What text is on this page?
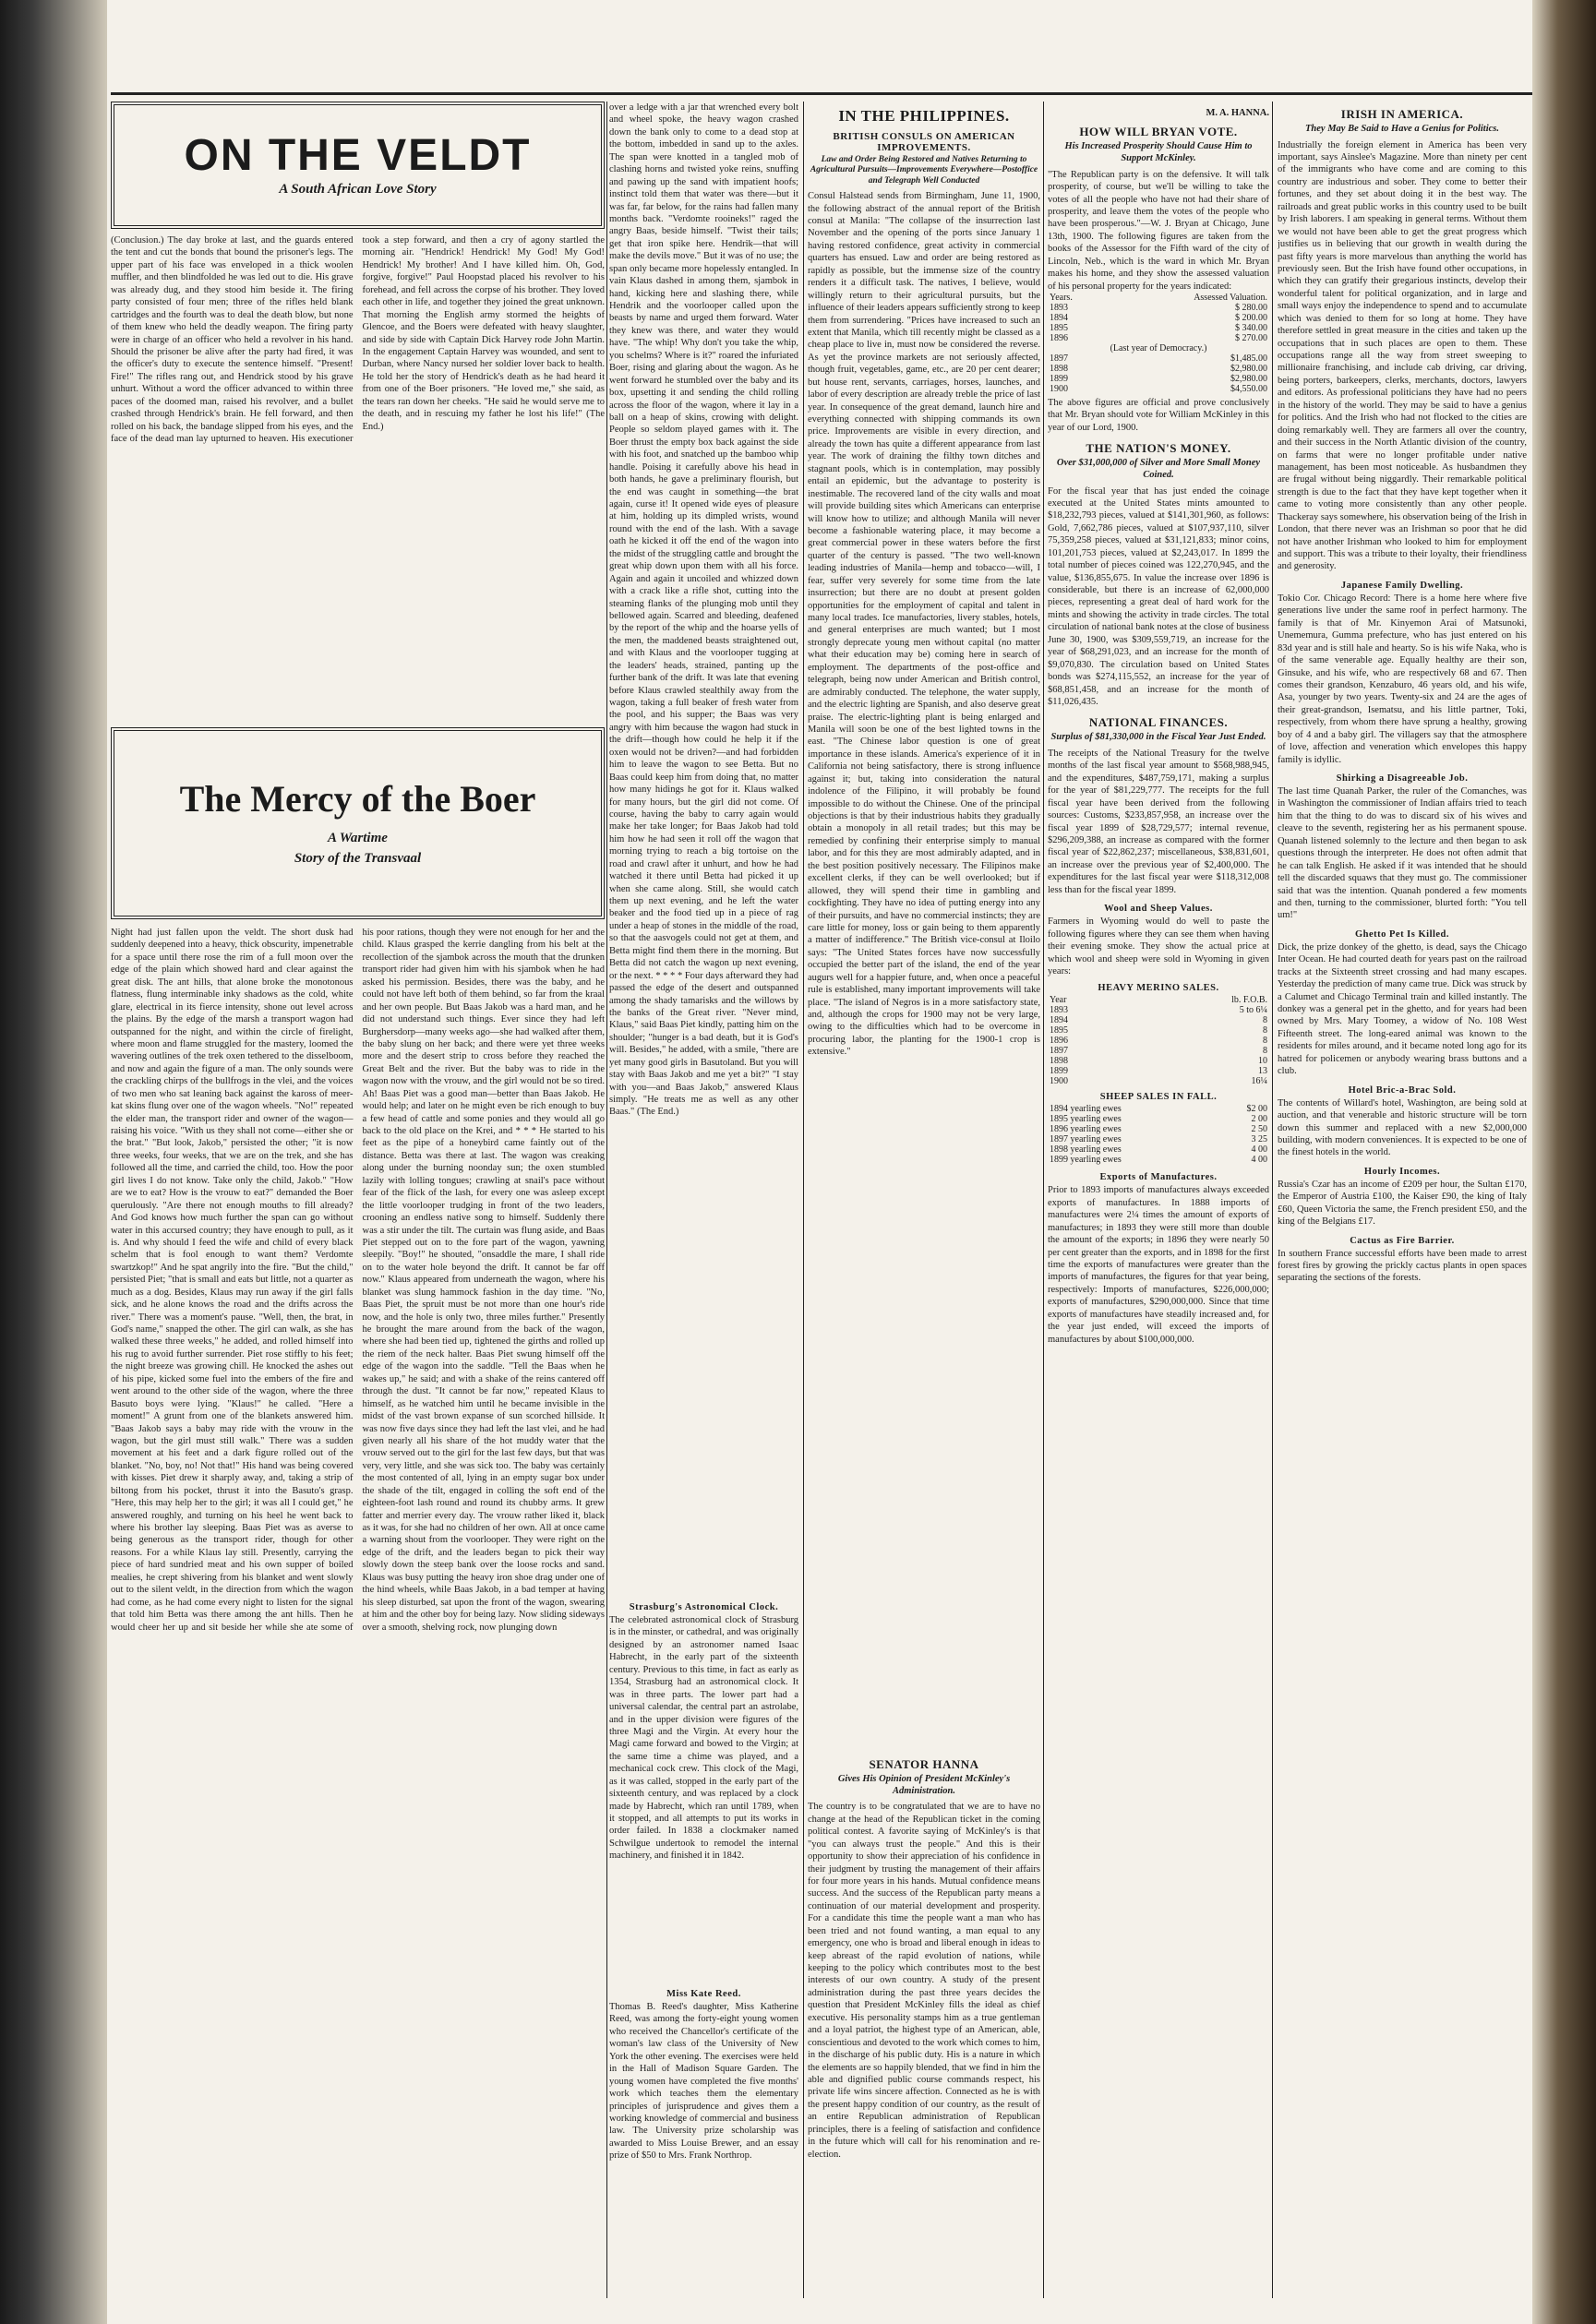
ON THE VELDT
A South African Love Story
(Conclusion.) The day broke at last, and the guards entered the tent and cut the bonds that bound the prisoner's legs. The upper part of his face was enveloped in a thick woolen muffler, and then blindfolded he was led out to die. His grave was already dug, and they stood him beside it. The firing party consisted of four men; three of the rifles held blank cartridges and the fourth was to deal the death blow, but none of them knew who held the deadly weapon. The firing party were in charge of an officer who held a revolver in his hand. Should the prisoner be alive after the party had fired, it was the officer's duty to execute the sentence himself. "Present! Fire!" The rifles rang out, and Hendrick stood by his grave unhurt. Without a word the officer advanced to within three paces of the doomed man, raised his revolver, and a bullet crashed through Hendrick's brain. He fell forward, and then rolled on his back, the bandage slipped from his eyes, and the face of the dead man lay upturned to heaven. His executioner took a step forward, and then a cry of agony startled the morning air. "Hendrick! Hendrick! My God! My God! Hendrick! My brother! And I have killed him. Oh, God, forgive, forgive!" Paul Hoopstad placed his revolver to his forehead, and fell across the corpse of his brother. They loved each other in life, and together they joined the great unknown. That morning the English army stormed the heights of Glencoe, and the Boers were defeated with heavy slaughter, and side by side with Captain Dick Harvey rode John Martin. In the engagement Captain Harvey was wounded, and sent to Durban, where Nancy nursed her soldier lover back to health. He told her the story of Hendrick's death as he had heard it from one of the Boer prisoners. "He loved me," she said, as the tears ran down her cheeks. "He said he would serve me to the death, and in rescuing my father he lost his life!" (The End.)
The Mercy of the Boer
A Wartime
Story of the Transvaal
Night had just fallen upon the veldt. The short dusk had suddenly deepened into a heavy, thick obscurity, impenetrable for a space until there rose the rim of a full moon over the edge of the plain which showed hard and clear against the great disk. The ant hills, that alone broke the monotonous flatness, flung interminable inky shadows as the cold, white glare, electrical in its fierce intensity, shone out level across the plains. By the edge of the marsh a transport wagon had outspanned for the night, and within the circle of firelight, where moon and flame struggled for the mastery, loomed the wavering outlines of the trek oxen tethered to the disselboom, and now and again the figure of a man. The only sounds were the crackling chirps of the bullfrogs in the vlei, and the voices of two men who sat leaning back against the kaross of meer-kat skins flung over one of the wagon wheels. "No!" repeated the elder man, the transport rider and owner of the wagon—raising his voice. "With us they shall not come—either she or the brat." "But look, Jakob," persisted the other; "it is now three weeks, four weeks, that we are on the trek, and she has followed all the time, and carried the child, too. How the poor girl lives I do not know. Take only the child, Jakob." "How are we to eat? How is the vrouw to eat?" demanded the Boer querulously. "Are there not enough mouths to fill already? And God knows how much further the span can go without water in this accursed country; they have enough to pull, as it is. And why should I feed the wife and child of every black schelm that is fool enough to want them? Verdomte swartzkop!" And he spat angrily into the fire. "But the child," persisted Piet; "that is small and eats but little, not a quarter as much as a dog. Besides, Klaus may run away if the girl falls sick, and he alone knows the road and the drifts across the river." There was a moment's pause. "Well, then, the brat, in God's name," snapped the other. The girl can walk, as she has walked these three weeks," he added, and rolled himself into his rug to avoid further surrender. Piet rose stiffly to his feet; the night breeze was growing chill. He knocked the ashes out of his pipe, kicked some fuel into the embers of the fire and went around to the other side of the wagon, where the three Basuto boys were lying. "Klaus!" he called. "Here a moment!" A grunt from one of the blankets answered him. "Baas Jakob says a baby may ride with the vrouw in the wagon, but the girl must still walk." There was a sudden movement at his feet and a dark figure rolled out of the blanket. "No, boy, no! Not that!" His hand was being covered with kisses. Piet drew it sharply away, and, taking a strip of biltong from his pocket, thrust it into the Basuto's grasp. "Here, this may help her to the girl; it was all I could get," he answered roughly, and turning on his heel he went back to where his brother lay sleeping. Baas Piet was as averse to being generous as the transport rider, though for other reasons. For a while Klaus lay still. Presently, carrying the piece of hard sundried meat and his own supper of boiled mealies, he crept shivering from his blanket and went slowly out to the silent veldt, in the direction from which the wagon had come, as he had come every night to listen for the signal that told him Betta was there among the ant hills. Then he would cheer her up and sit beside her while she ate some of his poor rations, though they were not enough for her and the child. Klaus grasped the kerrie dangling from his belt at the recollection of the sjambok across the mouth that the drunken transport rider had given him with his sjambok when he had asked his permission. Besides, there was the baby, and he could not have left both of them behind, so far from the kraal and her own people. But Baas Jakob was a hard man, and he did not understand such things. Ever since they had left Burghersdorp—many weeks ago—she had walked after them, the baby slung on her back; and there were yet three weeks more and the desert strip to cross before they reached the Great Belt and the river. But the baby was to ride in the wagon now with the vrouw, and the girl would not be so tired. Ah! Baas Piet was a good man—better than Baas Jakob. He would help; and later on he might even be rich enough to buy a few head of cattle and some ponies and they would all go back to the old place on the Krei, and * * * He started to his feet as the pipe of a honeybird came faintly out of the distance. Betta was there at last. The wagon was creaking along under the burning noonday sun; the oxen stumbled lazily with lolling tongues; crawling at snail's pace without fear of the flick of the lash, for every one was asleep except the little voorlooper trudging in front of the two leaders, crooning an endless native song to himself. Suddenly there was a stir under the tilt. The curtain was flung aside, and Baas Piet stepped out on to the fore part of the wagon, yawning sleepily. "Boy!" he shouted, "onsaddle the mare, I shall ride on to the water hole beyond the drift. It cannot be far off now." Klaus appeared from underneath the wagon, where his blanket was slung hammock fashion in the day time. "No, Baas Piet, the spruit must be not more than one hour's ride now, and the hole is only two, three miles further." Presently he brought the mare around from the back of the wagon, where she had been tied up, tightened the girths and rolled up the riem of the neck halter. Baas Piet swung himself off the edge of the wagon into the saddle. "Tell the Baas when he wakes up," he said; and with a shake of the reins cantered off through the dust. "It cannot be far now," repeated Klaus to himself, as he watched him until he became invisible in the midst of the vast brown expanse of sun scorched hillside. It was now five days since they had left the last vlei, and he had given nearly all his share of the hot muddy water that the vrouw served out to the girl for the last few days, but that was very, very little, and she was sick too. The baby was certainly the most contented of all, lying in an empty sugar box under the shade of the tilt, engaged in colling the soft end of the eighteen-foot lash round and round its chubby arms. It grew fatter and merrier every day. The vrouw rather liked it, black as it was, for she had no children of her own. All at once came a warning shout from the voorlooper. They were right on the edge of the drift, and the leaders began to pick their way slowly down the steep bank over the loose rocks and sand. Klaus was busy putting the heavy iron shoe drag under one of the hind wheels, while Baas Jakob, in a bad temper at having his sleep disturbed, sat upon the front of the wagon, swearing at him and the other boy for being lazy. Now sliding sideways over a smooth, shelving rock, now plunging down
over a ledge with a jar that wrenched every bolt and wheel spoke, the heavy wagon crashed down the bank only to come to a dead stop at the bottom, imbedded in sand up to the axles. The span were knotted in a tangled mob of clashing horns and twisted yoke reins, snuffing and pawing up the sand with impatient hoofs; instinct told them that water was there—but it was far, far below, for the rains had fallen many months back. "Verdomte rooineks!" raged the angry Baas, beside himself. "Twist their tails; get that iron spike here. Hendrik—that will make the devils move." But it was of no use; the span only became more hopelessly entangled. In vain Klaus dashed in among them, sjambok in hand, kicking here and slashing there, while Hendrik and the voorlooper called upon the beasts by name and urged them forward. Water they knew was there, and water they would have. "The whip! Why don't you take the whip, you schelms? Where is it?" roared the infuriated Boer, rising and glaring about the wagon. As he went forward he stumbled over the baby and its box, upsetting it and sending the child rolling across the floor of the wagon, where it lay in a ball on a heap of skins, crowing with delight. People so seldom played games with it. The Boer thrust the empty box back against the side with his foot, and snatched up the bamboo whip handle. Poising it carefully above his head in both hands, he gave a preliminary flourish, but the end was caught in something—the brat again, curse it! It opened wide eyes of pleasure at him, holding up its dimpled wrists, wound round with the end of the lash. With a savage oath he kicked it off the end of the wagon into the midst of the struggling cattle and brought the great whip down upon them with all his force. Again and again it uncoiled and whizzed down with a crack like a rifle shot, cutting into the steaming flanks of the plunging mob until they bellowed again. Scarred and bleeding, deafened by the report of the whip and the hoarse yells of the men, the maddened beasts straightened out, and with Klaus and the voorlooper tugging at the leaders' heads, strained, panting up the further bank of the drift. It was late that evening before Klaus crawled stealthily away from the wagon, taking a full beaker of fresh water from the pool, and his supper; the Baas was very angry with him because the wagon had stuck in the drift—though how could he help it if the oxen would not be driven?—and had forbidden him to leave the wagon to see Betta. But no Baas could keep him from doing that, no matter how many hidings he got for it. Klaus walked for many hours, but the girl did not come. Of course, having the baby to carry again would make her take longer; for Baas Jakob had told him how he had seen it roll off the wagon that morning trying to reach a big tortoise on the road and crawl after it unhurt, and how he had watched it there until Betta had picked it up when she came along. Still, she would catch them up next evening, and he left the water beaker and the food tied up in a piece of rag under a heap of stones in the middle of the road, so that the aasvogels could not get at them, and Betta might find them there in the morning. But Betta did not catch the wagon up next evening, or the next. * * * * Four days afterward they had passed the edge of the desert and outspanned among the shady tamarisks and the willows by the banks of the Great river. "Never mind, Klaus," said Baas Piet kindly, patting him on the shoulder; "hunger is a bad death, but it is God's will. Besides," he added, with a smile, "there are yet many good girls in Basutoland. But you will stay with Baas Jakob and me yet a bit?" "I stay with you—and Baas Jakob," answered Klaus simply. "He treats me as well as any other Baas." (The End.)
Strasburg's Astronomical Clock.
The celebrated astronomical clock of Strasburg is in the minster, or cathedral, and was originally designed by an astronomer named Isaac Habrecht, in the early part of the sixteenth century. Previous to this time, in fact as early as 1354, Strasburg had an astronomical clock. It was in three parts. The lower part had a universal calendar, the central part an astrolabe, and in the upper division were figures of the three Magi and the Virgin. At every hour the Magi came forward and bowed to the Virgin; at the same time a chime was played, and a mechanical cock crew. This clock of the Magi, as it was called, stopped in the early part of the sixteenth century, and was replaced by a clock made by Habrecht, which ran until 1789, when it stopped, and all attempts to put its works in order failed. In 1838 a clockmaker named Schwilgue undertook to remodel the internal machinery, and finished it in 1842.
Miss Kate Reed.
Thomas B. Reed's daughter, Miss Katherine Reed, was among the forty-eight young women who received the Chancellor's certificate of the woman's law class of the University of New York the other evening. The exercises were held in the Hall of Madison Square Garden. The young women have completed the five months' work which teaches them the elementary principles of jurisprudence and gives them a working knowledge of commercial and business law. The University prize scholarship was awarded to Miss Louise Brewer, and an essay prize of $50 to Mrs. Frank Northrop.
IN THE PHILIPPINES.
BRITISH CONSULS ON AMERICAN IMPROVEMENTS.
Law and Order Being Restored and Natives Returning to Agricultural Pursuits—Improvements Everywhere—Postoffice and Telegraph Well Conducted
Consul Halstead sends from Birmingham, June 11, 1900, the following abstract of the annual report of the British consul at Manila: "The collapse of the insurrection last November and the opening of the ports since January 1 having restored confidence, great activity in commercial quarters has ensued. Law and order are being restored as rapidly as possible, but the immense size of the country renders it a difficult task. The natives, I believe, would willingly return to their agricultural pursuits, but the influence of their leaders appears sufficiently strong to keep them from surrendering. "Prices have increased to such an extent that Manila, which till recently might be classed as a cheap place to live in, must now be considered the reverse. As yet the province markets are not seriously affected, though fruit, vegetables, game, etc., are 20 per cent dearer; but house rent, servants, carriages, horses, launches, and labor of every description are already treble the price of last year. In consequence of the great demand, launch hire and everything connected with shipping commands its own price. Improvements are visible in every direction, and already the town has quite a different appearance from last year. The work of draining the filthy town ditches and stagnant pools, which is in contemplation, may possibly entail an epidemic, but the advantage to posterity is inestimable. The recovered land of the city walls and moat will provide building sites which Americans can enterprise will know how to utilize; and although Manila will never become a fashionable watering place, it may become a great commercial power in these waters before the first quarter of the century is passed. "The two well-known leading industries of Manila—hemp and tobacco—will, I fear, suffer very severely for some time from the late insurrection; but there are no doubt at present golden opportunities for the employment of capital and talent in many local trades. Ice manufactories, livery stables, hotels, and general enterprises are much wanted; but I most strongly deprecate young men without capital (no matter what their education may be) coming here in search of employment. The departments of the post-office and telegraph, being now under American and British control, are admirably conducted. The telephone, the water supply, and the electric lighting are Spanish, and also deserve great praise. The electric-lighting plant is being enlarged and Manila will soon be one of the best lighted towns in the east. "The Chinese labor question is one of great importance in these islands. America's experience of it in California not being satisfactory, there is strong influence against it; but, taking into consideration the natural indolence of the Filipino, it will probably be found impossible to do without the Chinese. One of the principal objections is that by their industrious habits they gradually obtain a monopoly in all retail trades; but this may be remedied by confining their enterprise simply to manual labor, and for this they are most admirably adapted, and in the best position positively necessary. The Filipinos make excellent clerks, if they can be well overlooked; but if allowed, they will spend their time in gambling and cockfighting. They have no idea of putting energy into any of their pursuits, and have no commercial instincts; they are care little for money, loss or gain being to them apparently a matter of indifference." The British vice-consul at Iloilo says: "The United States forces have now successfully occupied the better part of the island, the end of the year augurs well for a happier future, and, when once a peaceful rule is established, many important improvements will take place. "The island of Negros is in a more satisfactory state, and, although the crops for 1900 may not be very large, owing to the difficulties which had to be overcome in procuring labor, the planting for the 1900-1 crop is extensive."
SENATOR HANNA
Gives His Opinion of President McKinley's Administration.
The country is to be congratulated that we are to have no change at the head of the Republican ticket in the coming political contest. A favorite saying of McKinley's is that "you can always trust the people." And this is their opportunity to show their appreciation of his confidence in their judgment by trusting the management of their affairs for four more years in his hands. Mutual confidence means success. And the success of the Republican party means a continuation of our material development and prosperity. For a candidate this time the people want a man who has been tried and not found wanting, a man equal to any emergency, one who is broad and liberal enough in ideas to keep abreast of the rapid evolution of nations, while keeping to the policy which contributes most to the best interests of our own country. A study of the present administration during the past three years decides the question that President McKinley fills the ideal as chief executive. His personality stamps him as a true gentleman and a loyal patriot, the highest type of an American, able, conscientious and devoted to the work which comes to him, in the discharge of his public duty. His is a nature in which the elements are so happily blended, that we find in him the able and dignified public course commands respect, his private life wins sincere affection. Connected as he is with the present happy condition of our country, as the result of an entire Republican administration of Republican principles, there is a feeling of satisfaction and confidence in the future which will call for his renomination and re-election.
M. A. HANNA.
HOW WILL BRYAN VOTE.
His Increased Prosperity Should Cause Him to Support McKinley.
"The Republican party is on the defensive. It will talk prosperity, of course, but we'll be willing to take the votes of all the people who have not had their share of prosperity, and leave them the votes of the people who have been prosperous."—W. J. Bryan at Chicago, June 13th, 1900. The following figures are taken from the books of the Assessor for the Fifth ward of the city of Lincoln, Neb., which is the ward in which Mr. Bryan makes his home, and they show the assessed valuation of his personal property for the years indicated:
Years.	Assessed Valuation.
1893	$ 280.00
1894	$ 200.00
1895	$ 340.00
1896	$ 270.00
(Last year of Democracy.)	
1897	$1,485.00
1898	$2,980.00
1899	$2,980.00
1900	$4,550.00
The above figures are official and prove conclusively that Mr. Bryan should vote for William McKinley in this year of our Lord, 1900.
THE NATION'S MONEY.
Over $31,000,000 of Silver and More Small Money Coined.
For the fiscal year that has just ended the coinage executed at the United States mints amounted to $18,232,793 pieces, valued at $141,301,960, as follows: Gold, 7,662,786 pieces, valued at $107,937,110, silver 75,359,258 pieces, valued at $31,121,833; minor coins, 101,201,753 pieces, valued at $2,243,017. In 1899 the total number of pieces coined was 122,270,945, and the value, $136,855,675. In value the increase over 1896 is considerable, but there is an increase of 62,000,000 pieces, representing a great deal of hard work for the mints and showing the activity in trade circles. The total circulation of national bank notes at the close of business June 30, 1900, was $309,559,719, an increase for the year of $68,291,023, and an increase for the month of $9,070,830. The circulation based on United States bonds was $274,115,552, an increase for the year of $68,851,458, and an increase for the month of $11,026,435.
NATIONAL FINANCES.
Surplus of $81,330,000 in the Fiscal Year Just Ended.
The receipts of the National Treasury for the twelve months of the last fiscal year amount to $568,988,945, and the expenditures, $487,759,171, making a surplus for the year of $81,229,777. The receipts for the full fiscal year have been derived from the following sources: Customs, $233,857,958, an increase over the fiscal year 1899 of $28,729,577; internal revenue, $296,209,388, an increase as compared with the former fiscal year of $22,862,237; miscellaneous, $38,831,601, an increase over the previous year of $2,400,000. The expenditures for the last fiscal year were $118,312,008 less than for the fiscal year 1899.
Wool and Sheep Values.
Farmers in Wyoming would do well to paste the following figures where they can see them when having their evening smoke. They show the actual price at which wool and sheep were sold in Wyoming in given years:
HEAVY MERINO SALES.
Year	lb. F.O.B.
1893	5 to 6¼
1894	8
1895	8
1896	8
1897	8
1898	10
1899	13
1900	16¼
SHEEP SALES IN FALL.
1894 yearling ewes	$2 00
1895 yearling ewes	2 00
1896 yearling ewes	2 50
1897 yearling ewes	3 25
1898 yearling ewes	4 00
1899 yearling ewes	4 00
Exports of Manufactures.
Prior to 1893 imports of manufactures always exceeded exports of manufactures. In 1888 imports of manufactures were 2¼ times the amount of exports of manufactures; in 1893 they were still more than double the amount of the exports; in 1896 they were nearly 50 per cent greater than the exports, and in 1898 for the first time the exports of manufactures were greater than the imports of manufactures, the figures for that year being, respectively: Imports of manufactures, $226,000,000; exports of manufactures, $290,000,000. Since that time exports of manufactures have steadily increased and, for the year just ended, will exceed the imports of manufactures by about $100,000,000.
IRISH IN AMERICA.
They May Be Said to Have a Genius for Politics.
Industrially the foreign element in America has been very important, says Ainslee's Magazine. More than ninety per cent of the immigrants who have come and are coming to this country are industrious and sober. They come to better their fortunes, and they set about doing it in the best way. The railroads and great public works in this country used to be built by Irish laborers. I am speaking in general terms. Without them we would not have been able to get the great progress which justifies us in believing that our growth in wealth during the past fifty years is more marvelous than anything the world has previously seen. But the Irish have found other occupations, in which they can gratify their gregarious instincts, develop their wonderful talent for political organization, and in large and small ways enjoy the independence to spend and to accumulate which was denied to them for so long at home. They have therefore settled in great measure in the cities and taken up the occupations that in such places are open to them. These occupations range all the way from street sweeping to millionaire franchising, and include cab driving, car driving, being porters, barkeepers, clerks, merchants, doctors, lawyers and editors. As professional politicians they have had no peers in the history of the world. They may be said to have a genius for politics. And the Irish who had not flocked to the cities are doing remarkably well. They are farmers all over the country, and their success in the North Atlantic division of the country, on farms that were no longer profitable under native management, has been most noticeable. As husbandmen they are frugal without being niggardly. Their remarkable political strength is due to the fact that they have kept together when it came to voting more consistently than any other people. Thackeray says somewhere, his observation being of the Irish in London, that there never was an Irishman so poor that he did not have another Irishman who looked to him for employment and support. This was a tribute to their loyalty, their friendliness and generosity.
Japanese Family Dwelling.
Tokio Cor. Chicago Record: There is a home here where five generations live under the same roof in perfect harmony. The family is that of Mr. Kinyemon Arai of Matsunoki, Unememura, Gumma prefecture, who has just entered on his 83d year and is still hale and hearty. So is his wife Naka, who is of the same venerable age. Equally healthy are their son, Ginsuke, and his wife, who are respectively 68 and 67. Then comes their grandson, Kenzaburo, 46 years old, and his wife, Asa, younger by two years. Twenty-six and 24 are the ages of their great-grandson, Isematsu, and his little partner, Toki, respectively, from whom there have sprung a healthy, growing boy of 4 and a baby girl. The villagers say that the atmosphere of love, affection and veneration which envelopes this happy family is idyllic.
Shirking a Disagreeable Job.
The last time Quanah Parker, the ruler of the Comanches, was in Washington the commissioner of Indian affairs tried to teach him that the thing to do was to discard six of his wives and cleave to the seventh, registering her as his permanent spouse. Quanah listened solemnly to the lecture and then began to ask questions through the interpreter. He does not often admit that he can talk English. He asked if it was intended that he should tell the discarded squaws that they must go. The commissioner said that was the intention. Quanah pondered a few moments and then, turning to the commissioner, blurted forth: "You tell um!"
Ghetto Pet Is Killed.
Dick, the prize donkey of the ghetto, is dead, says the Chicago Inter Ocean. He had courted death for years past on the railroad tracks at the Sixteenth street crossing and had many escapes. Yesterday the prediction of many came true. Dick was struck by a Calumet and Chicago Terminal train and killed instantly. The donkey was a general pet in the ghetto, and for years had been owned by Mrs. Mary Toomey, a widow of No. 108 West Fifteenth street. The long-eared animal was known to the residents for miles around, and it became noted long ago for its hatred for policemen or anybody wearing brass buttons and a club.
Hotel Bric-a-Brac Sold.
The contents of Willard's hotel, Washington, are being sold at auction, and that venerable and historic structure will be torn down this summer and replaced with a new $2,000,000 building, with modern conveniences. It is expected to be one of the finest hotels in the world.
Hourly Incomes.
Russia's Czar has an income of £209 per hour, the Sultan £170, the Emperor of Austria £100, the Kaiser £90, the king of Italy £60, Queen Victoria the same, the French president £50, and the king of the Belgians £17.
Cactus as Fire Barrier.
In southern France successful efforts have been made to arrest forest fires by growing the prickly cactus plants in open spaces separating the sections of the forests.
